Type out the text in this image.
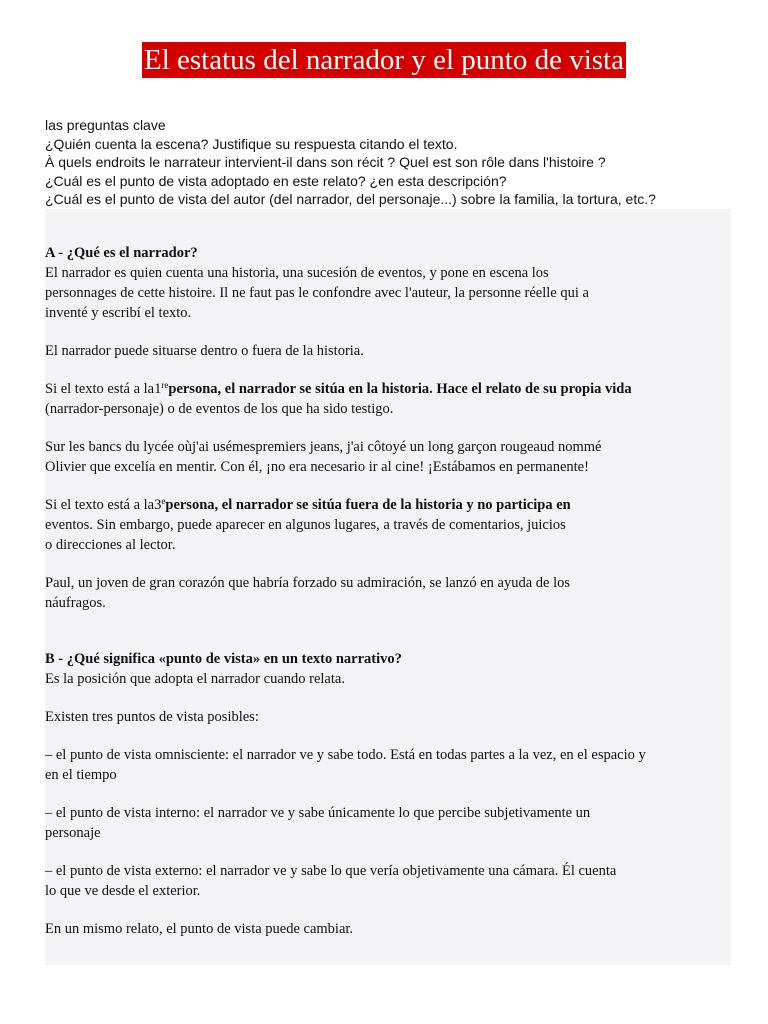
El estatus del narrador y el punto de vista
las preguntas clave
¿Quién cuenta la escena? Justifique su respuesta citando el texto.
À quels endroits le narrateur intervient-il dans son récit ? Quel est son rôle dans l'histoire ?
¿Cuál es el punto de vista adoptado en este relato? ¿en esta descripción?
¿Cuál es el punto de vista del autor (del narrador, del personaje...) sobre la familia, la tortura, etc.?

A - ¿Qué es el narrador?

El narrador es quien cuenta una historia, una sucesión de eventos, y pone en escena los
personnages de cette histoire. Il ne faut pas le confondre avec l'auteur, la personne réelle qui a
inventé y escribí el texto.

El narrador puede situarse dentro o fuera de la historia.

Si el texto está a la1repersona, el narrador se sitúa en la historia. Hace el relato de su propia vida
(narrador-personaje) o de eventos de los que ha sido testigo.

Sur les bancs du lycée oùj'ai usémespremiers jeans, j'ai côtoyé un long garçon rougeaud nommé
Olivier que excelía en mentir. Con él, ¡no era necesario ir al cine! ¡Estábamos en permanente!

Si el texto está a la3epersona, el narrador se sitúa fuera de la historia y no participa en
eventos. Sin embargo, puede aparecer en algunos lugares, a través de comentarios, juicios
o direcciones al lector.

Paul, un joven de gran corazón que habría forzado su admiración, se lanzó en ayuda de los
náufragos.

B - ¿Qué significa «punto de vista» en un texto narrativo?

Es la posición que adopta el narrador cuando relata.

Existen tres puntos de vista posibles:

– el punto de vista omnisciente: el narrador ve y sabe todo. Está en todas partes a la vez, en el espacio y
en el tiempo

– el punto de vista interno: el narrador ve y sabe únicamente lo que percibe subjetivamente un
personaje

– el punto de vista externo: el narrador ve y sabe lo que vería objetivamente una cámara. Él cuenta
lo que ve desde el exterior.

En un mismo relato, el punto de vista puede cambiar.
